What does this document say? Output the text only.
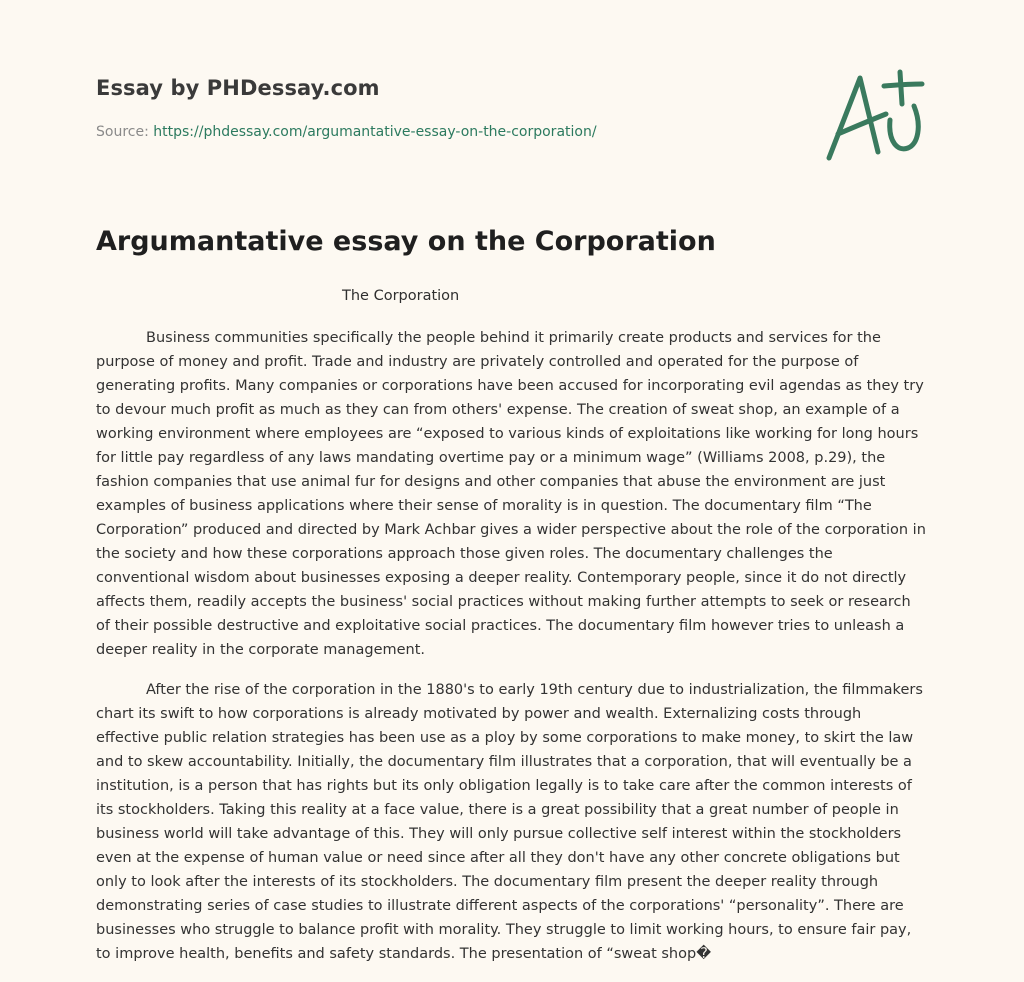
Essay by PHDessay.com
Source: https://phdessay.com/argumantative-essay-on-the-corporation/
Argumantative essay on the Corporation
The Corporation

Business communities specifically the people behind it primarily create products and services for the purpose of money and profit. Trade and industry are privately controlled and operated for the purpose of generating profits. Many companies or corporations have been accused for incorporating evil agendas as they try to devour much profit as much as they can from others' expense. The creation of sweat shop, an example of a working environment where employees are “exposed to various kinds of exploitations like working for long hours for little pay regardless of any laws mandating overtime pay or a minimum wage” (Williams 2008, p.29), the fashion companies that use animal fur for designs and other companies that abuse the environment are just examples of business applications where their sense of morality is in question. The documentary film “The Corporation” produced and directed by Mark Achbar gives a wider perspective about the role of the corporation in the society and how these corporations approach those given roles. The documentary challenges the conventional wisdom about businesses exposing a deeper reality. Contemporary people, since it do not directly affects them, readily accepts the business' social practices without making further attempts to seek or research of their possible destructive and exploitative social practices. The documentary film however tries to unleash a deeper reality in the corporate management.

After the rise of the corporation in the 1880's to early 19th century due to industrialization, the filmmakers chart its swift to how corporations is already motivated by power and wealth. Externalizing costs through effective public relation strategies has been use as a ploy by some corporations to make money, to skirt the law and to skew accountability. Initially, the documentary film illustrates that a corporation, that will eventually be a institution, is a person that has rights but its only obligation legally is to take care after the common interests of its stockholders. Taking this reality at a face value, there is a great possibility that a great number of people in business world will take advantage of this. They will only pursue collective self interest within the stockholders even at the expense of human value or need since after all they don't have any other concrete obligations but only to look after the interests of its stockholders. The documentary film present the deeper reality through demonstrating series of case studies to illustrate different aspects of the corporations' “personality”. There are businesses who struggle to balance profit with morality. They struggle to limit working hours, to ensure fair pay, to improve health, benefits and safety standards. The presentation of “sweat shop�
